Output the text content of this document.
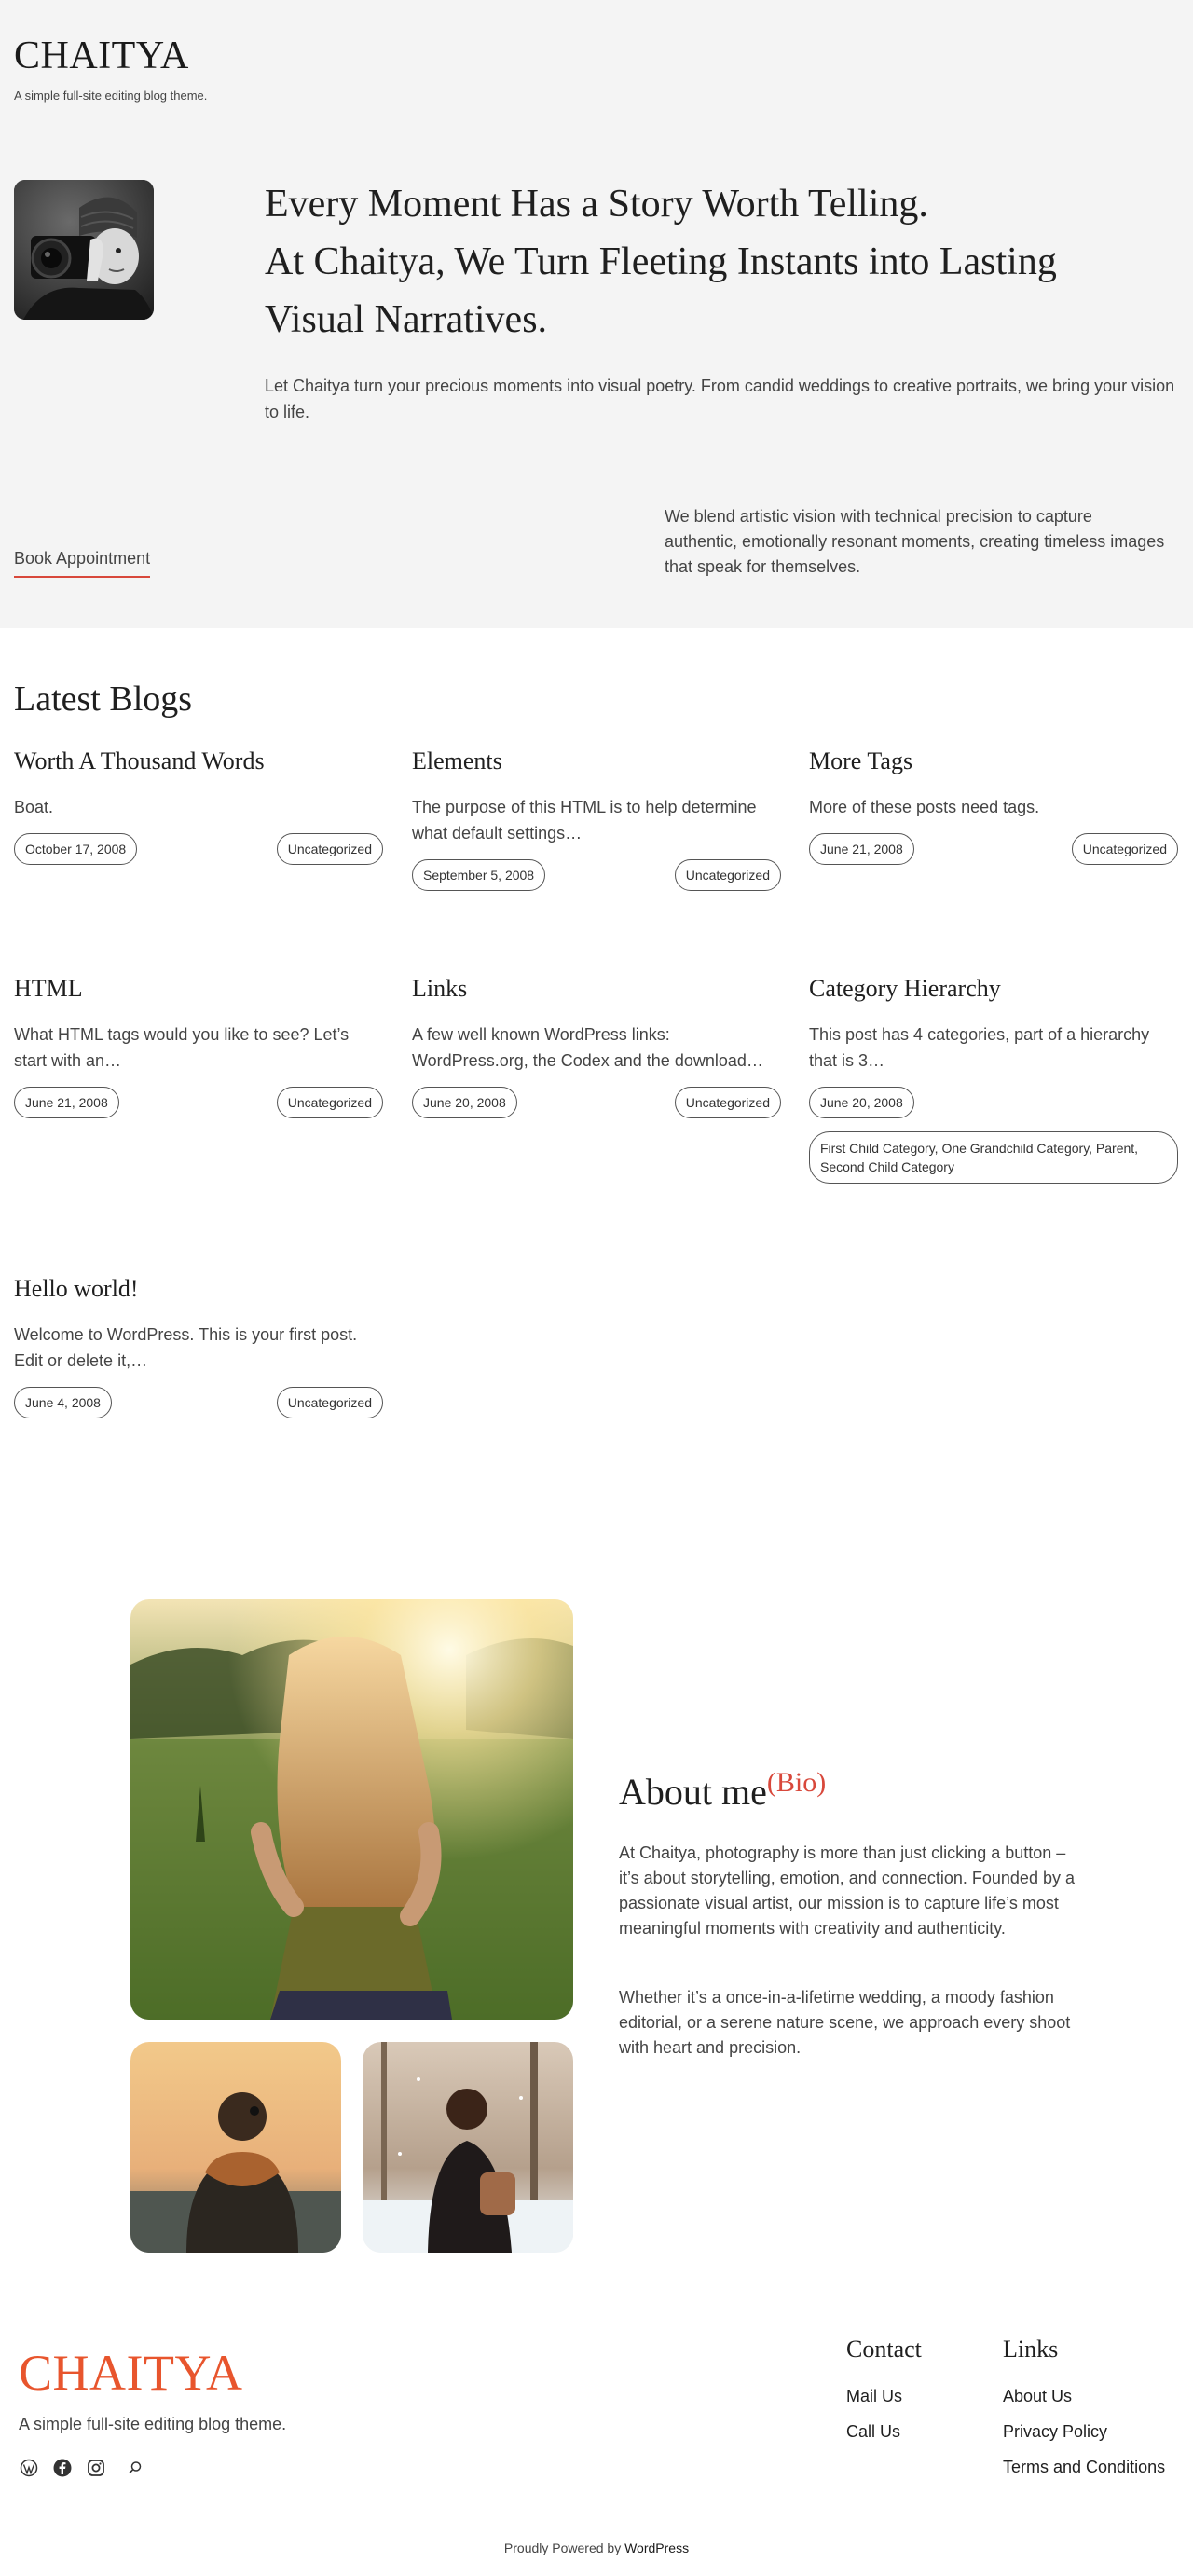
CHAITYA

A simple full-site editing blog theme.

Every Moment Has a Story Worth Telling.
At Chaitya, We Turn Fleeting Instants into Lasting
Visual Narratives.

Let Chaitya turn your precious moments into visual poetry. From candid weddings to creative portraits, we bring your vision to life.

Book Appointment

We blend artistic vision with technical precision to capture authentic, emotionally resonant moments, creating timeless images that speak for themselves.

Latest Blogs
Worth A Thousand Words

Boat.

October 17, 2008	Uncategorized
Elements

The purpose of this HTML is to help determine what default settings…

September 5, 2008	Uncategorized
More Tags

More of these posts need tags.

June 21, 2008	Uncategorized
HTML

What HTML tags would you like to see? Let’s start with an…

June 21, 2008	Uncategorized
Links

A few well known WordPress links: WordPress.org, the Codex and the download…

June 20, 2008	Uncategorized
Category Hierarchy

This post has 4 categories, part of a hierarchy that is 3…

June 20, 2008
First Child Category, One Grandchild Category, Parent, Second Child Category
Hello world!

Welcome to WordPress. This is your first post. Edit or delete it,…

June 4, 2008	Uncategorized
About $me^{(Bio)}$

At Chaitya, photography is more than just clicking a button – it’s about storytelling, emotion, and connection. Founded by a passionate visual artist, our mission is to capture life’s most meaningful moments with creativity and authenticity.

Whether it’s a once-in-a-lifetime wedding, a moody fashion editorial, or a serene nature scene, we approach every shoot with heart and precision.

CHAITYA

A simple full-site editing blog theme.

Contact
Mail Us
Call Us
Links
About Us
Privacy Policy
Terms and Conditions

Proudly Powered by WordPress
